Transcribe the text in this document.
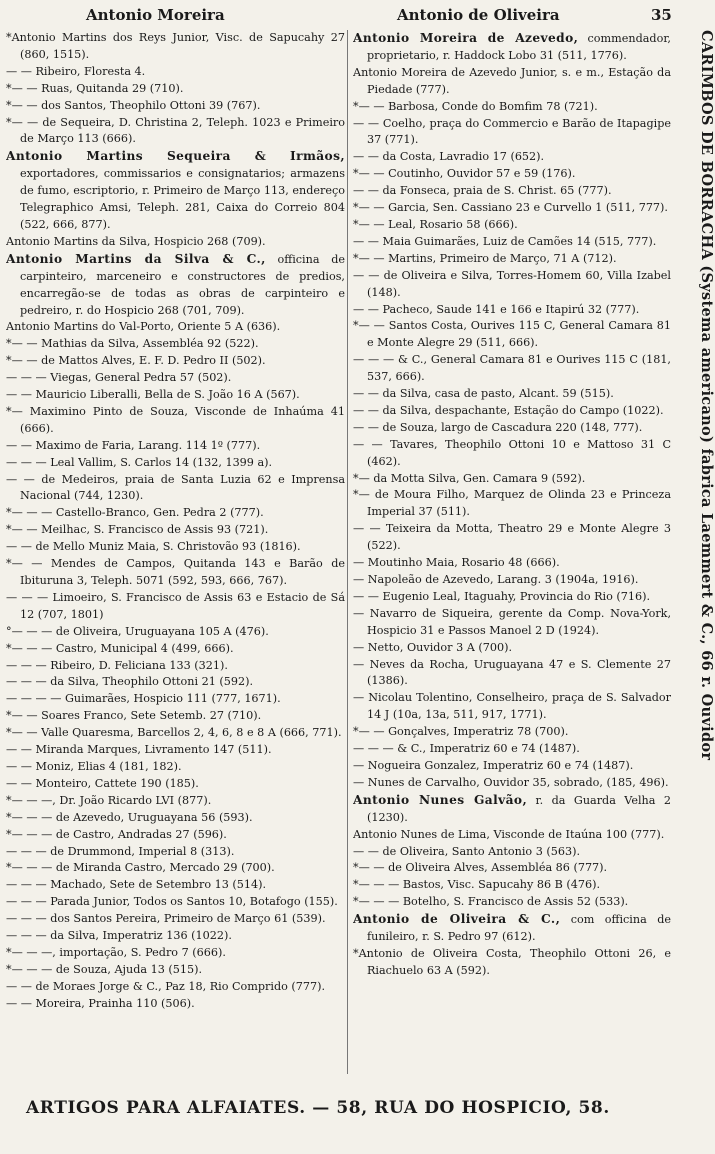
Antonio Moreira	Antonio de Oliveira	35
*Antonio Martins dos Reys Junior, Visc. de Sapucahy 27 (860, 1515).
— — Ribeiro, Floresta 4.
*— — Ruas, Quitanda 29 (710).
*— — dos Santos, Theophilo Ottoni 39 (767).
*— — de Sequeira, D. Christina 2, Teleph. 1023 e Primeiro de Março 113 (666).
Antonio Martins Sequeira & Irmãos, exportadores, commissarios e consignatarios; armazens de fumo, escriptorio, r. Primeiro de Março 113, endereço Telegraphico Amsi, Teleph. 281, Caixa do Correio 804 (522, 666, 877).
Antonio Martins da Silva, Hospicio 268 (709).
Antonio Martins da Silva & C., officina de carpinteiro, marceneiro e constructores de predios, encarregão-se de todas as obras de carpinteiro e pedreiro, r. do Hospicio 268 (701, 709).
Antonio Martins do Val-Porto, Oriente 5 A (636).
*— — Mathias da Silva, Assembléa 92 (522).
*— — de Mattos Alves, E. F. D. Pedro II (502).
— — — Viegas, General Pedra 57 (502).
— — Mauricio Liberalli, Bella de S. João 16 A (567).
*— Maximino Pinto de Souza, Visconde de Inhaúma 41 (666).
— — Maximo de Faria, Larang. 114 1º (777).
— — — Leal Vallim, S. Carlos 14 (132, 1399 a).
— — de Medeiros, praia de Santa Luzia 62 e Imprensa Nacional (744, 1230).
*— — — Castello-Branco, Gen. Pedra 2 (777).
*— — Meilhac, S. Francisco de Assis 93 (721).
— — de Mello Muniz Maia, S. Christovão 93 (1816).
*— — Mendes de Campos, Quitanda 143 e Barão de Ibituruna 3, Teleph. 5071 (592, 593, 666, 767).
— — — Limoeiro, S. Francisco de Assis 63 e Estacio de Sá 12 (707, 1801)
°— — — de Oliveira, Uruguayana 105 A (476).
*— — — Castro, Municipal 4 (499, 666).
— — — Ribeiro, D. Feliciana 133 (321).
— — — da Silva, Theophilo Ottoni 21 (592).
— — — — Guimarães, Hospicio 111 (777, 1671).
*— — Soares Franco, Sete Setemb. 27 (710).
*— — Valle Quaresma, Barcellos 2, 4, 6, 8 e 8 A (666, 771).
— — Miranda Marques, Livramento 147 (511).
— — Moniz, Elias 4 (181, 182).
— — Monteiro, Cattete 190 (185).
*— — —, Dr. João Ricardo LVI (877).
*— — — de Azevedo, Uruguayana 56 (593).
*— — — de Castro, Andradas 27 (596).
— — — de Drummond, Imperial 8 (313).
*— — — de Miranda Castro, Mercado 29 (700).
— — — Machado, Sete de Setembro 13 (514).
— — — Parada Junior, Todos os Santos 10, Botafogo (155).
— — — dos Santos Pereira, Primeiro de Março 61 (539).
— — — da Silva, Imperatriz 136 (1022).
*— — —, importação, S. Pedro 7 (666).
*— — — de Souza, Ajuda 13 (515).
— — de Moraes Jorge & C., Paz 18, Rio Comprido (777).
— — Moreira, Prainha 110 (506).
Antonio Moreira de Azevedo, commendador, proprietario, r. Haddock Lobo 31 (511, 1776).
Antonio Moreira de Azevedo Junior, s. e m., Estação da Piedade (777).
*— — Barbosa, Conde do Bomfim 78 (721).
— — Coelho, praça do Commercio e Barão de Itapagipe 37 (771).
— — da Costa, Lavradio 17 (652).
*— — Coutinho, Ouvidor 57 e 59 (176).
— — da Fonseca, praia de S. Christ. 65 (777).
*— — Garcia, Sen. Cassiano 23 e Curvello 1 (511, 777).
*— — Leal, Rosario 58 (666).
— — Maia Guimarães, Luiz de Camões 14 (515, 777).
*— — Martins, Primeiro de Março, 71 A (712).
— — de Oliveira e Silva, Torres-Homem 60, Villa Izabel (148).
— — Pacheco, Saude 141 e 166 e Itapirú 32 (777).
*— — Santos Costa, Ourives 115 C, General Camara 81 e Monte Alegre 29 (511, 666).
— — — & C., General Camara 81 e Ourives 115 C (181, 537, 666).
— — da Silva, casa de pasto, Alcant. 59 (515).
— — da Silva, despachante, Estação do Campo (1022).
— — de Souza, largo de Cascadura 220 (148, 777).
— — Tavares, Theophilo Ottoni 10 e Mattoso 31 C (462).
*— da Motta Silva, Gen. Camara 9 (592).
*— de Moura Filho, Marquez de Olinda 23 e Princeza Imperial 37 (511).
— — Teixeira da Motta, Theatro 29 e Monte Alegre 3 (522).
— Moutinho Maia, Rosario 48 (666).
— Napoleão de Azevedo, Larang. 3 (1904a, 1916).
— — Eugenio Leal, Itaguahy, Provincia do Rio (716).
— Navarro de Siqueira, gerente da Comp. Nova-York, Hospicio 31 e Passos Manoel 2 D (1924).
— Netto, Ouvidor 3 A (700).
— Neves da Rocha, Uruguayana 47 e S. Clemente 27 (1386).
— Nicolau Tolentino, Conselheiro, praça de S. Salvador 14 J (10a, 13a, 511, 917, 1771).
*— — Gonçalves, Imperatriz 78 (700).
— — — & C., Imperatriz 60 e 74 (1487).
— Nogueira Gonzalez, Imperatriz 60 e 74 (1487).
— Nunes de Carvalho, Ouvidor 35, sobrado, (185, 496).
Antonio Nunes Galvão, r. da Guarda Velha 2 (1230).
Antonio Nunes de Lima, Visconde de Itaúna 100 (777).
— — de Oliveira, Santo Antonio 3 (563).
*— — de Oliveira Alves, Assembléa 86 (777).
*— — — Bastos, Visc. Sapucahy 86 B (476).
*— — — Botelho, S. Francisco de Assis 52 (533).
Antonio de Oliveira & C., com officina de funileiro, r. S. Pedro 97 (612).
*Antonio de Oliveira Costa, Theophilo Ottoni 26, e Riachuelo 63 A (592).
CARIMBOS DE BORRACHA (Systema americano) fabrica Laemmert & C., 66 r. Ouvidor
ARTIGOS PARA ALFAIATES. — 58, RUA DO HOSPICIO, 58.
